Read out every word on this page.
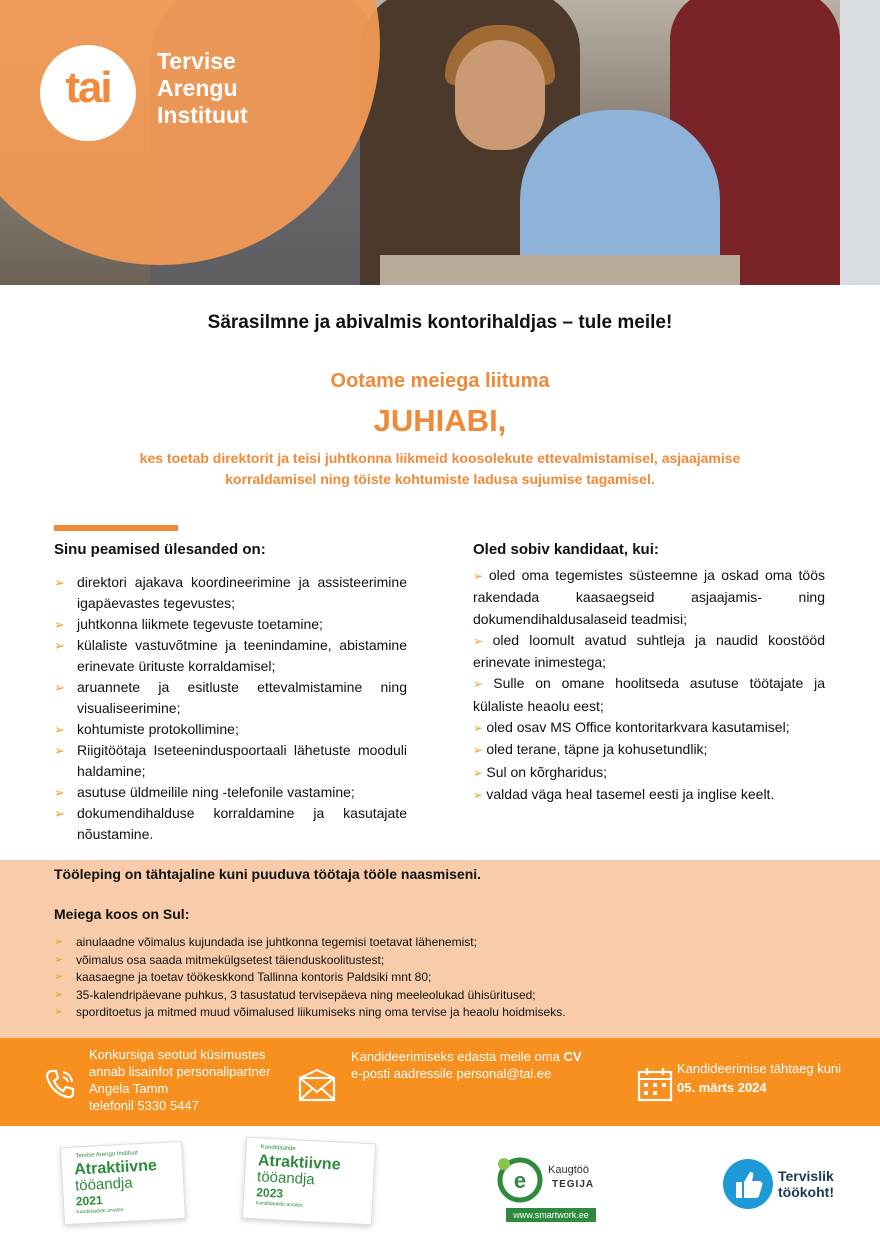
tai
Tervise
Arengu
Instituut
Särasilmne ja abivalmis kontorihaldjas – tule meile!
Ootame meiega liituma
JUHIABI,
kes toetab direktorit ja teisi juhtkonna liikmeid koosolekute ettevalmistamisel, asjaajamise
korraldamisel ning töiste kohtumiste ladusa sujumise tagamisel.
Sinu peamised ülesanded on:
➢ direktori ajakava koordineerimine ja assisteerimine igapäevastes tegevustes;
➢ juhtkonna liikmete tegevuste toetamine;
➢ külaliste vastuvõtmine ja teenindamine, abistamine erinevate ürituste korraldamisel;
➢ aruannete ja esitluste ettevalmistamine ning visualiseerimine;
➢ kohtumiste protokollimine;
➢ Riigitöötaja Iseteeninduspoortaali lähetuste mooduli haldamine;
➢ asutuse üldmeilile ning -telefonile vastamine;
➢ dokumendihalduse korraldamine ja kasutajate nõustamine.
Oled sobiv kandidaat, kui:

➢ oled oma tegemistes süsteemne ja oskad oma töös rakendada kaasaegseid asjaajamis- ning dokumendihaldusalaseid teadmisi;

➢ oled loomult avatud suhtleja ja naudid koostööd erinevate inimestega;

➢ Sulle on omane hoolitseda asutuse töötajate ja külaliste heaolu eest;

➢ oled osav MS Office kontoritarkvara kasutamisel;

➢ oled terane, täpne ja kohusetundlik;

➢ Sul on kõrgharidus;

➢ valdad väga heal tasemel eesti ja inglise keelt.

Tööleping on tähtajaline kuni puuduva töötaja tööle naasmiseni.
Meiega koos on Sul:
➢ ainulaadne võimalus kujundada ise juhtkonna tegemisi toetavat lähenemist;
➢ võimalus osa saada mitmekülgsetest täienduskoolitustest;
➢ kaasaegne ja toetav töökeskkond Tallinna kontoris Paldsiki mnt 80;
➢ 35-kalendripäevane puhkus, 3 tasustatud tervisepäeva ning meeleolukad ühisüritused;
➢ sporditoetus ja mitmed muud võimalused liikumiseks ning oma tervise ja heaolu hoidmiseks.
Konkursiga seotud küsimustes
annab lisainfot personalipartner
Angela Tamm
telefonil 5330 5447
Kandideerimiseks edasta meile oma CV
e-posti aadressile personal@tai.ee	Kandideerimise tähtaeg kuni
05. märts 2024
Tervise Arengu Instituut
Atraktiivne
tööandja
2021
Kandidaatide arvates
Kandidaatide
Atraktiivne
tööandja
2023
Kandidaatide arvates
e Kaugtöö
TEGIJA
www.smartwork.ee
Tervislik
töökoht!
